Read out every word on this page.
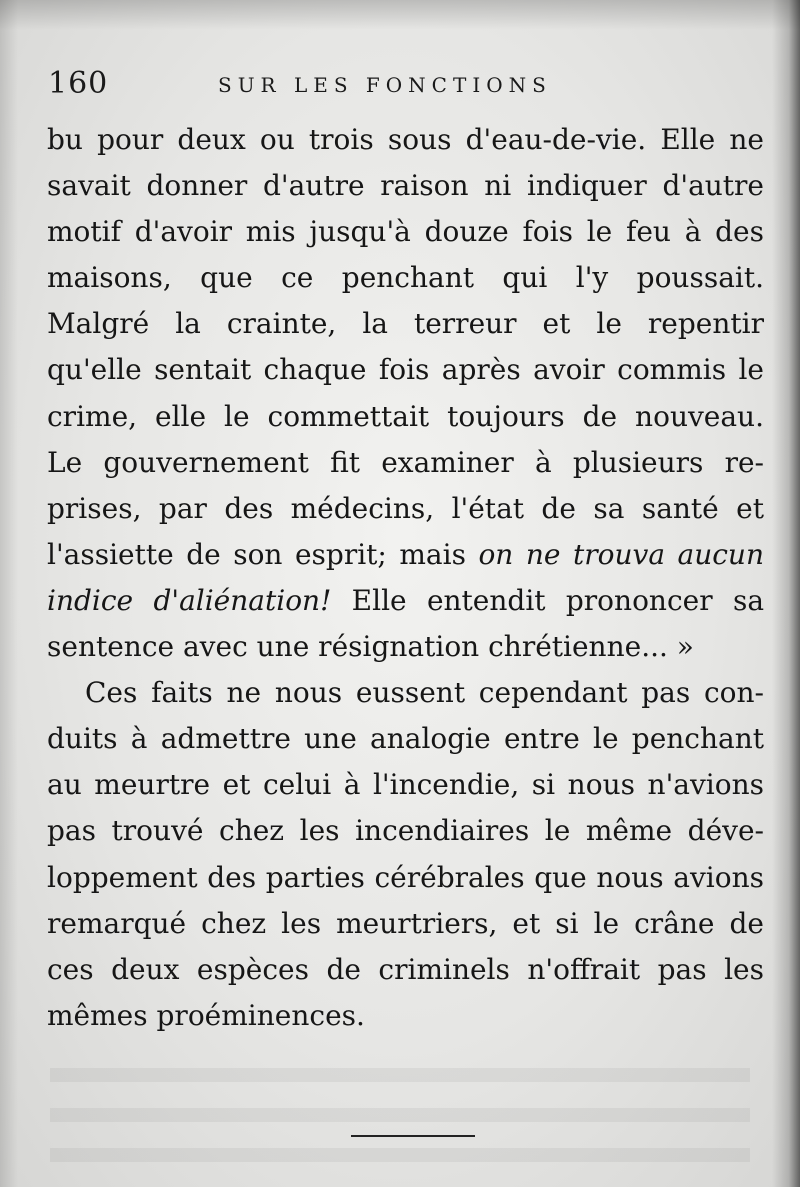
160	SUR LES FONCTIONS
bu pour deux ou trois sous d'eau-de-vie. Elle ne
savait donner d'autre raison ni indiquer d'autre
motif d'avoir mis jusqu'à douze fois le feu à des
maisons, que ce penchant qui l'y poussait.
Malgré la crainte, la terreur et le repentir
qu'elle sentait chaque fois après avoir commis le
crime, elle le commettait toujours de nouveau.
Le gouvernement fit examiner à plusieurs re-
prises, par des médecins, l'état de sa santé et
l'assiette de son esprit; mais on ne trouva aucun
indice d'aliénation! Elle entendit prononcer sa
sentence avec une résignation chrétienne... »
Ces faits ne nous eussent cependant pas con-
duits à admettre une analogie entre le penchant
au meurtre et celui à l'incendie, si nous n'avions
pas trouvé chez les incendiaires le même déve-
loppement des parties cérébrales que nous avions
remarqué chez les meurtriers, et si le crâne de
ces deux espèces de criminels n'offrait pas les
mêmes proéminences.
